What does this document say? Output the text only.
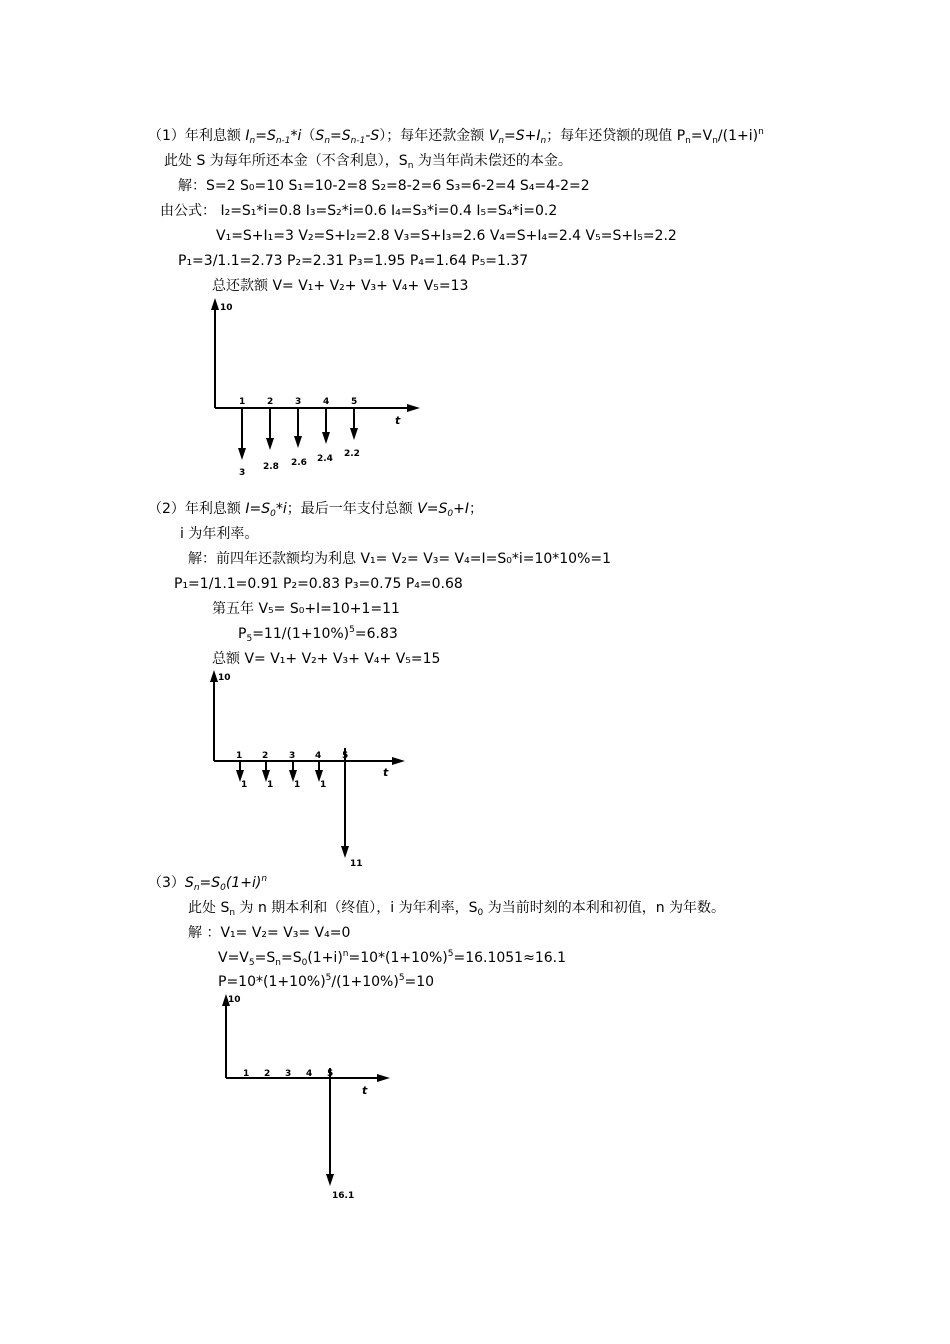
（1）年利息额 $I_n=S_{n-1}*i(S_n=S_{n-1}-S)$；每年还款金额 $V_n=S+I_n$；每年还贷额的现值 $P_n=V_n/(1+i)^n$
此处 S 为每年所还本金（不含利息），$S_n$ 为当年尚未偿还的本金。
解：S=2 S₀=10 S₁=10-2=8 S₂=8-2=6 S₃=6-2=4 S₄=4-2=2
由公式： I₂=S₁*i=0.8 I₃=S₂*i=0.6 I₄=S₃*i=0.4 I₅=S₄*i=0.2
V₁=S+I₁=3 V₂=S+I₂=2.8 V₃=S+I₃=2.6 V₄=S+I₄=2.4 V₅=S+I₅=2.2
P₁=3/1.1=2.73 P₂=2.31 P₃=1.95 P₄=1.64 P₅=1.37
总还款额 V= V₁+ V₂+ V₃+ V₄+ V₅=13
10
t
1 2 3 4 5
3
2.8 2.6 2.4 2.2
（2）年利息额 $I=S_0*i$；最后一年支付总额 $V=S_0+I$；
i 为年利率。
解：前四年还款额均为利息 V₁= V₂= V₃= V₄=I=S₀*i=10*10%=1
P₁=1/1.1=0.91 P₂=0.83 P₃=0.75 P₄=0.68
第五年 V₅= S₀+I=10+1=11
$P_5=11/(1+10\%)^5=6.83$
总额 V= V₁+ V₂+ V₃+ V₄+ V₅=15
10
t
1 2 3 4 5
1 1 1 1
11
$(3)S_n=S_0(1+i)^n$
此处 $S_n$ 为 n 期本利和（终值），i 为年利率，$S_0$ 为当前时刻的本利和初值，n 为年数。
解 ：V₁= V₂= V₃= V₄=0
$V=V_5=S_n=S_0(1+i)^n=10*(1+10\%)^5=16.1051\approx 16.1$
$P=10*(1+10\%)^5/(1+10\%)^5=10$
10
t
1 2 3 4 5
16.1
